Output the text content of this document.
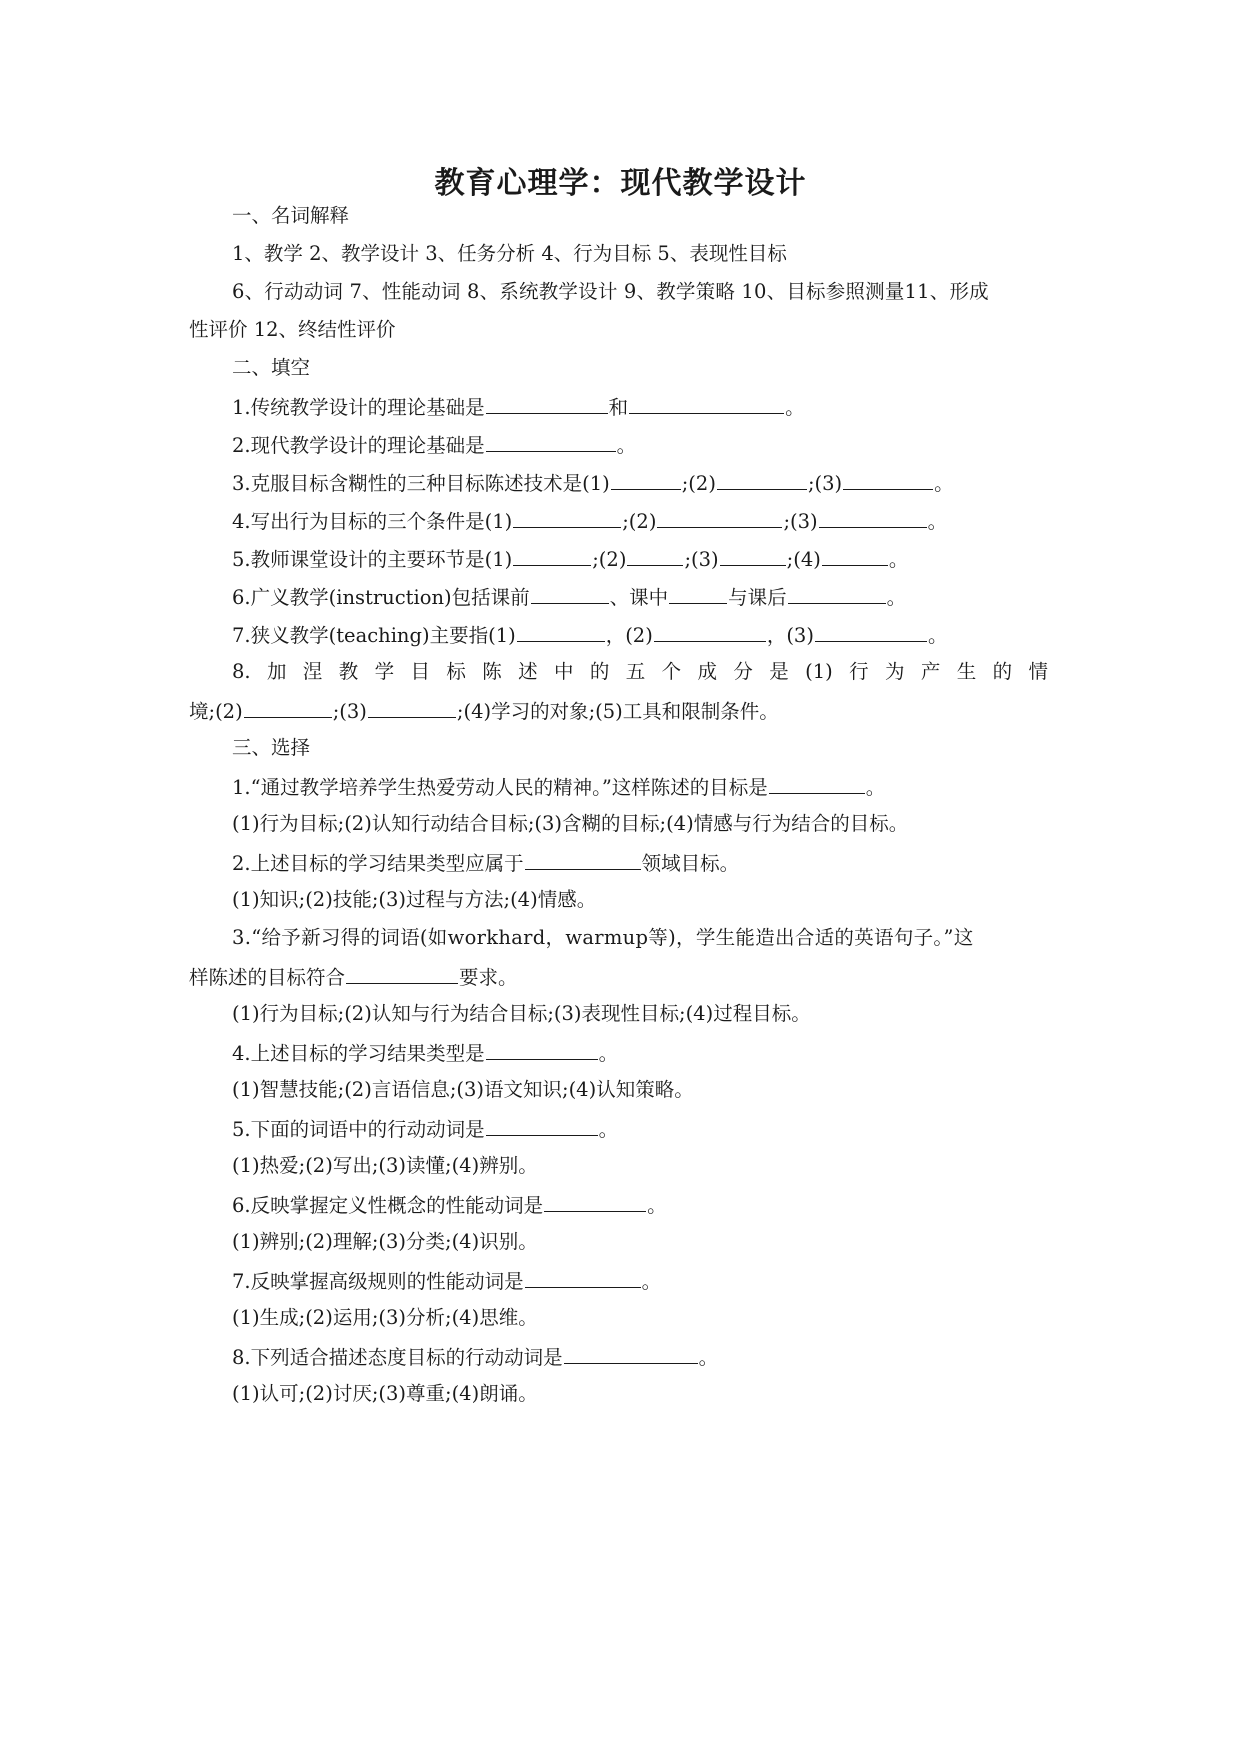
教育心理学：现代教学设计
一、名词解释
1、教学 2、教学设计 3、任务分析 4、行为目标 5、表现性目标
6、行动动词 7、性能动词 8、系统教学设计 9、教学策略 10、目标参照测量11、形成
性评价 12、终结性评价
二、填空
1.传统教学设计的理论基础是	和	。
2.现代教学设计的理论基础是	。
3.克服目标含糊性的三种目标陈述技术是(1)	;(2)	;(3)	。
4.写出行为目标的三个条件是(1)	;(2)	;(3)	。
5.教师课堂设计的主要环节是(1)	;(2)	;(3)	;(4)	。
6.广义教学(instruction)包括课前	、课中	与课后	。
7.狭义教学(teaching)主要指(1)	，(2)	，(3)	。
8. 加 涅 教 学 目 标 陈 述 中 的 五 个 成 分 是 (1) 行 为 产 生 的 情
境;(2)	;(3)	;(4)学习的对象;(5)工具和限制条件。
三、选择
1.“通过教学培养学生热爱劳动人民的精神。”这样陈述的目标是	。
(1)行为目标;(2)认知行动结合目标;(3)含糊的目标;(4)情感与行为结合的目标。
2.上述目标的学习结果类型应属于	领域目标。
(1)知识;(2)技能;(3)过程与方法;(4)情感。
3.“给予新习得的词语(如workhard，warmup等)，学生能造出合适的英语句子。”这
样陈述的目标符合	要求。
(1)行为目标;(2)认知与行为结合目标;(3)表现性目标;(4)过程目标。
4.上述目标的学习结果类型是	。
(1)智慧技能;(2)言语信息;(3)语文知识;(4)认知策略。
5.下面的词语中的行动动词是	。
(1)热爱;(2)写出;(3)读懂;(4)辨别。
6.反映掌握定义性概念的性能动词是	。
(1)辨别;(2)理解;(3)分类;(4)识别。
7.反映掌握高级规则的性能动词是	。
(1)生成;(2)运用;(3)分析;(4)思维。
8.下列适合描述态度目标的行动动词是	。
(1)认可;(2)讨厌;(3)尊重;(4)朗诵。
